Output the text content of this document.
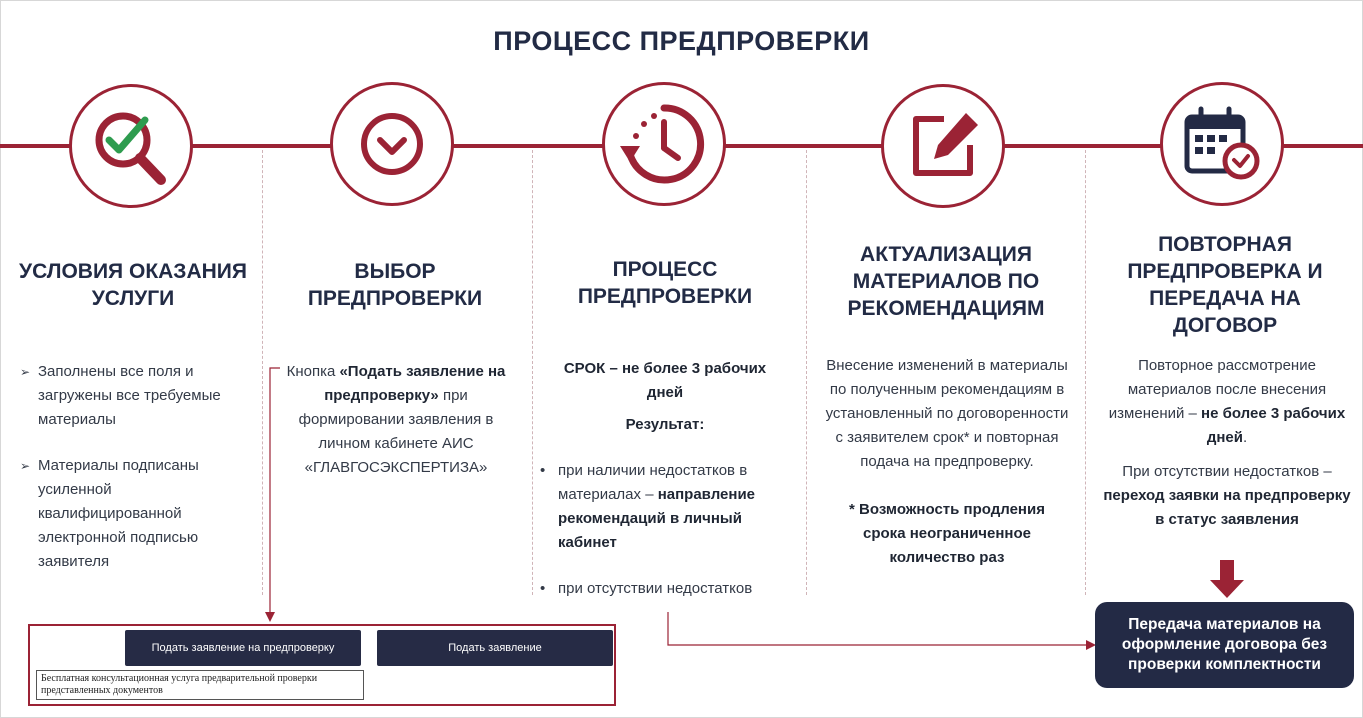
ПРОЦЕСС ПРЕДПРОВЕРКИ
УСЛОВИЯ ОКАЗАНИЯ УСЛУГИ
ВЫБОР ПРЕДПРОВЕРКИ
ПРОЦЕСС ПРЕДПРОВЕРКИ
АКТУАЛИЗАЦИЯ МАТЕРИАЛОВ ПО РЕКОМЕНДАЦИЯМ
ПОВТОРНАЯ ПРЕДПРОВЕРКА И ПЕРЕДАЧА НА ДОГОВОР
➢ Заполнены все поля и загружены все требуемые материалы
➢ Материалы подписаны усиленной квалифицированной электронной подписью заявителя
Кнопка «Подать заявление на предпроверку» при формировании заявления в личном кабинете АИС «ГЛАВГОСЭКСПЕРТИЗА»
СРОК – не более 3 рабочих дней
Результат:
• при наличии недостатков в материалах – направление рекомендаций в личный кабинет
• при отсутствии недостатков
Внесение изменений в материалы по полученным рекомендациям в установленный по договоренности с заявителем срок* и повторная подача на предпроверку.
* Возможность продления срока неограниченное количество раз
Повторное рассмотрение материалов после внесения изменений – не более 3 рабочих дней.
При отсутствии недостатков – переход заявки на предпроверку в статус заявления
Подать заявление на предпроверку	Подать заявление
Бесплатная консультационная услуга предварительной проверки представленных документов
Передача материалов на оформление договора без проверки комплектности
